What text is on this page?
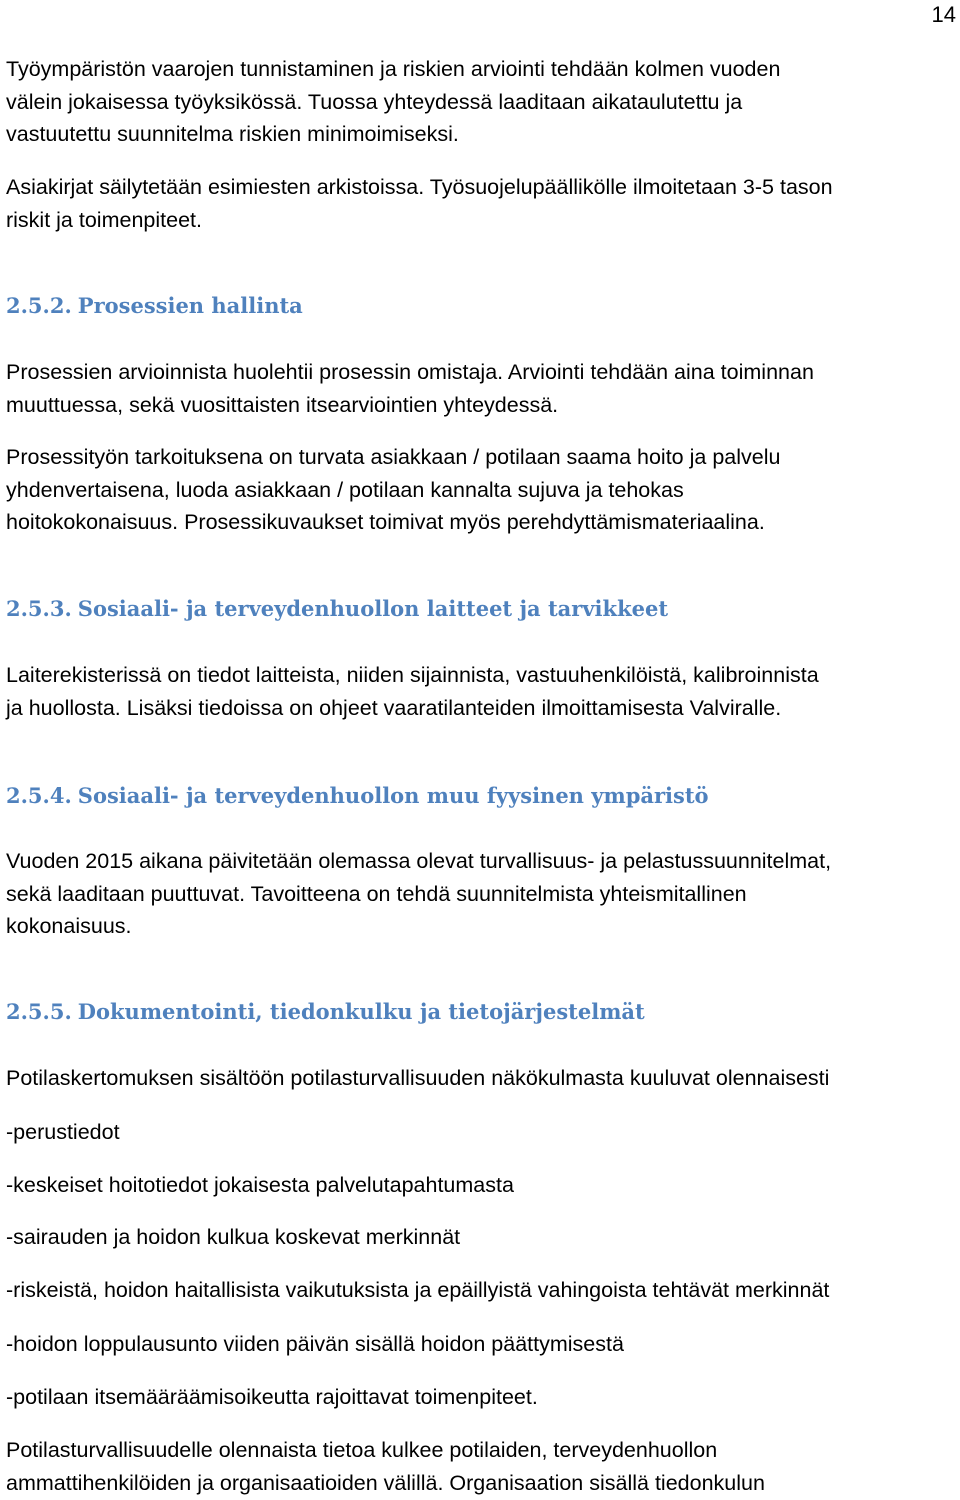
14

Työympäristön vaarojen tunnistaminen ja riskien arviointi tehdään kolmen vuoden
välein jokaisessa työyksikössä. Tuossa yhteydessä laaditaan aikataulutettu ja
vastuutettu suunnitelma riskien minimoimiseksi.

Asiakirjat säilytetään esimiesten arkistoissa. Työsuojelupäällikölle ilmoitetaan 3-5 tason
riskit ja toimenpiteet.

2.5.2. Prosessien hallinta

Prosessien arvioinnista huolehtii prosessin omistaja. Arviointi tehdään aina toiminnan
muuttuessa, sekä vuosittaisten itsearviointien yhteydessä.

Prosessityön tarkoituksena on turvata asiakkaan / potilaan saama hoito ja palvelu
yhdenvertaisena, luoda asiakkaan / potilaan kannalta sujuva ja tehokas
hoitokokonaisuus. Prosessikuvaukset toimivat myös perehdyttämismateriaalina.

2.5.3. Sosiaali- ja terveydenhuollon laitteet ja tarvikkeet

Laiterekisterissä on tiedot laitteista, niiden sijainnista, vastuuhenkilöistä, kalibroinnista
ja huollosta. Lisäksi tiedoissa on ohjeet vaaratilanteiden ilmoittamisesta Valviralle.

2.5.4. Sosiaali- ja terveydenhuollon muu fyysinen ympäristö

Vuoden 2015 aikana päivitetään olemassa olevat turvallisuus- ja pelastussuunnitelmat,
sekä laaditaan puuttuvat. Tavoitteena on tehdä suunnitelmista yhteismitallinen
kokonaisuus.

2.5.5. Dokumentointi, tiedonkulku ja tietojärjestelmät

Potilaskertomuksen sisältöön potilasturvallisuuden näkökulmasta kuuluvat olennaisesti

-perustiedot

-keskeiset hoitotiedot jokaisesta palvelutapahtumasta

-sairauden ja hoidon kulkua koskevat merkinnät

-riskeistä, hoidon haitallisista vaikutuksista ja epäillyistä vahingoista tehtävät merkinnät

-hoidon loppulausunto viiden päivän sisällä hoidon päättymisestä

-potilaan itsemääräämisoikeutta rajoittavat toimenpiteet.

Potilasturvallisuudelle olennaista tietoa kulkee potilaiden, terveydenhuollon
ammattihenkilöiden ja organisaatioiden välillä. Organisaation sisällä tiedonkulun
